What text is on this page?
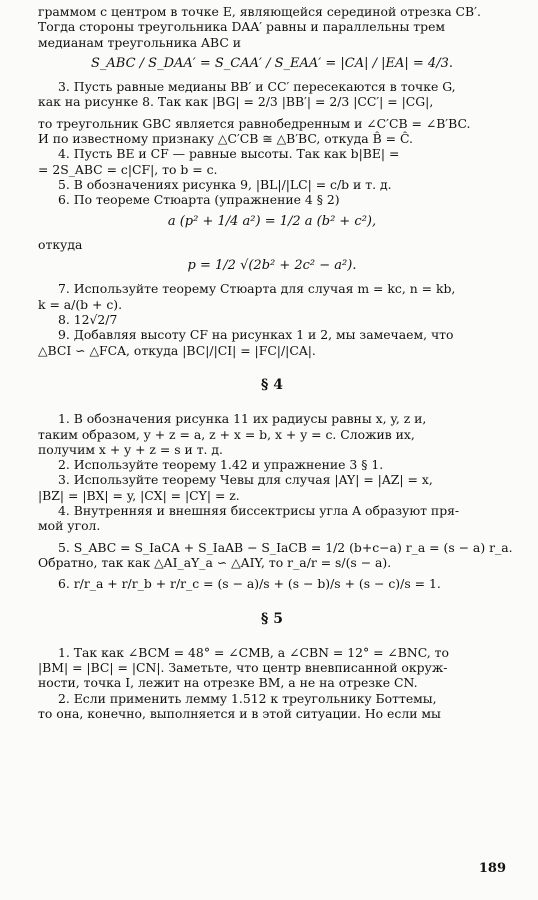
граммом с центром в точке E, являющейся серединой отрезка CB′.
Тогда стороны треугольника DAA′ равны и параллельны трем
медианам треугольника ABC и
S_ABC / S_DAA′ = S_CAA′ / S_EAA′ = |CA| / |EA| = 4/3.
3. Пусть равные медианы BB′ и CC′ пересекаются в точке G,
как на рисунке 8. Так как |BG| = 2/3 |BB′| = 2/3 |CC′| = |CG|,
то треугольник GBC является равнобедренным и ∠C′CB = ∠B′BC.
И по известному признаку △C′CB ≅ △B′BC, откуда B̂ = Ĉ.
4. Пусть BE и CF — равные высоты. Так как b|BE| =
= 2S_ABC = c|CF|, то b = c.
5. В обозначениях рисунка 9, |BL|/|LC| = c/b и т. д.
6. По теореме Стюарта (упражнение 4 § 2)
a (p² + 1/4 a²) = 1/2 a (b² + c²),
откуда
p = 1/2 √(2b² + 2c² − a²).
7. Используйте теорему Стюарта для случая m = kc, n = kb,
k = a/(b + c).
8. 12√2/7
9. Добавляя высоту CF на рисунках 1 и 2, мы замечаем, что
△BCI ∽ △FCA, откуда |BC|/|CI| = |FC|/|CA|.
§ 4
1. В обозначения рисунка 11 их радиусы равны x, y, z и,
таким образом, y + z = a, z + x = b, x + y = c. Сложив их,
получим x + y + z = s и т. д.
2. Используйте теорему 1.42 и упражнение 3 § 1.
3. Используйте теорему Чевы для случая |AY| = |AZ| = x,
|BZ| = |BX| = y, |CX| = |CY| = z.
4. Внутренняя и внешняя биссектрисы угла A образуют пря-
мой угол.
5. S_ABC = S_IaCA + S_IaAB − S_IaCB = 1/2 (b+c−a) r_a = (s − a) r_a.
Обратно, так как △AI_aY_a ∽ △AIY, то r_a/r = s/(s − a).
6. r/r_a + r/r_b + r/r_c = (s − a)/s + (s − b)/s + (s − c)/s = 1.
§ 5
1. Так как ∠BCM = 48° = ∠CMB, а ∠CBN = 12° = ∠BNC, то
|BM| = |BC| = |CN|. Заметьте, что центр вневписанной окруж-
ности, точка I, лежит на отрезке BM, а не на отрезке CN.
2. Если применить лемму 1.512 к треугольнику Боттемы,
то она, конечно, выполняется и в этой ситуации. Но если мы
189
